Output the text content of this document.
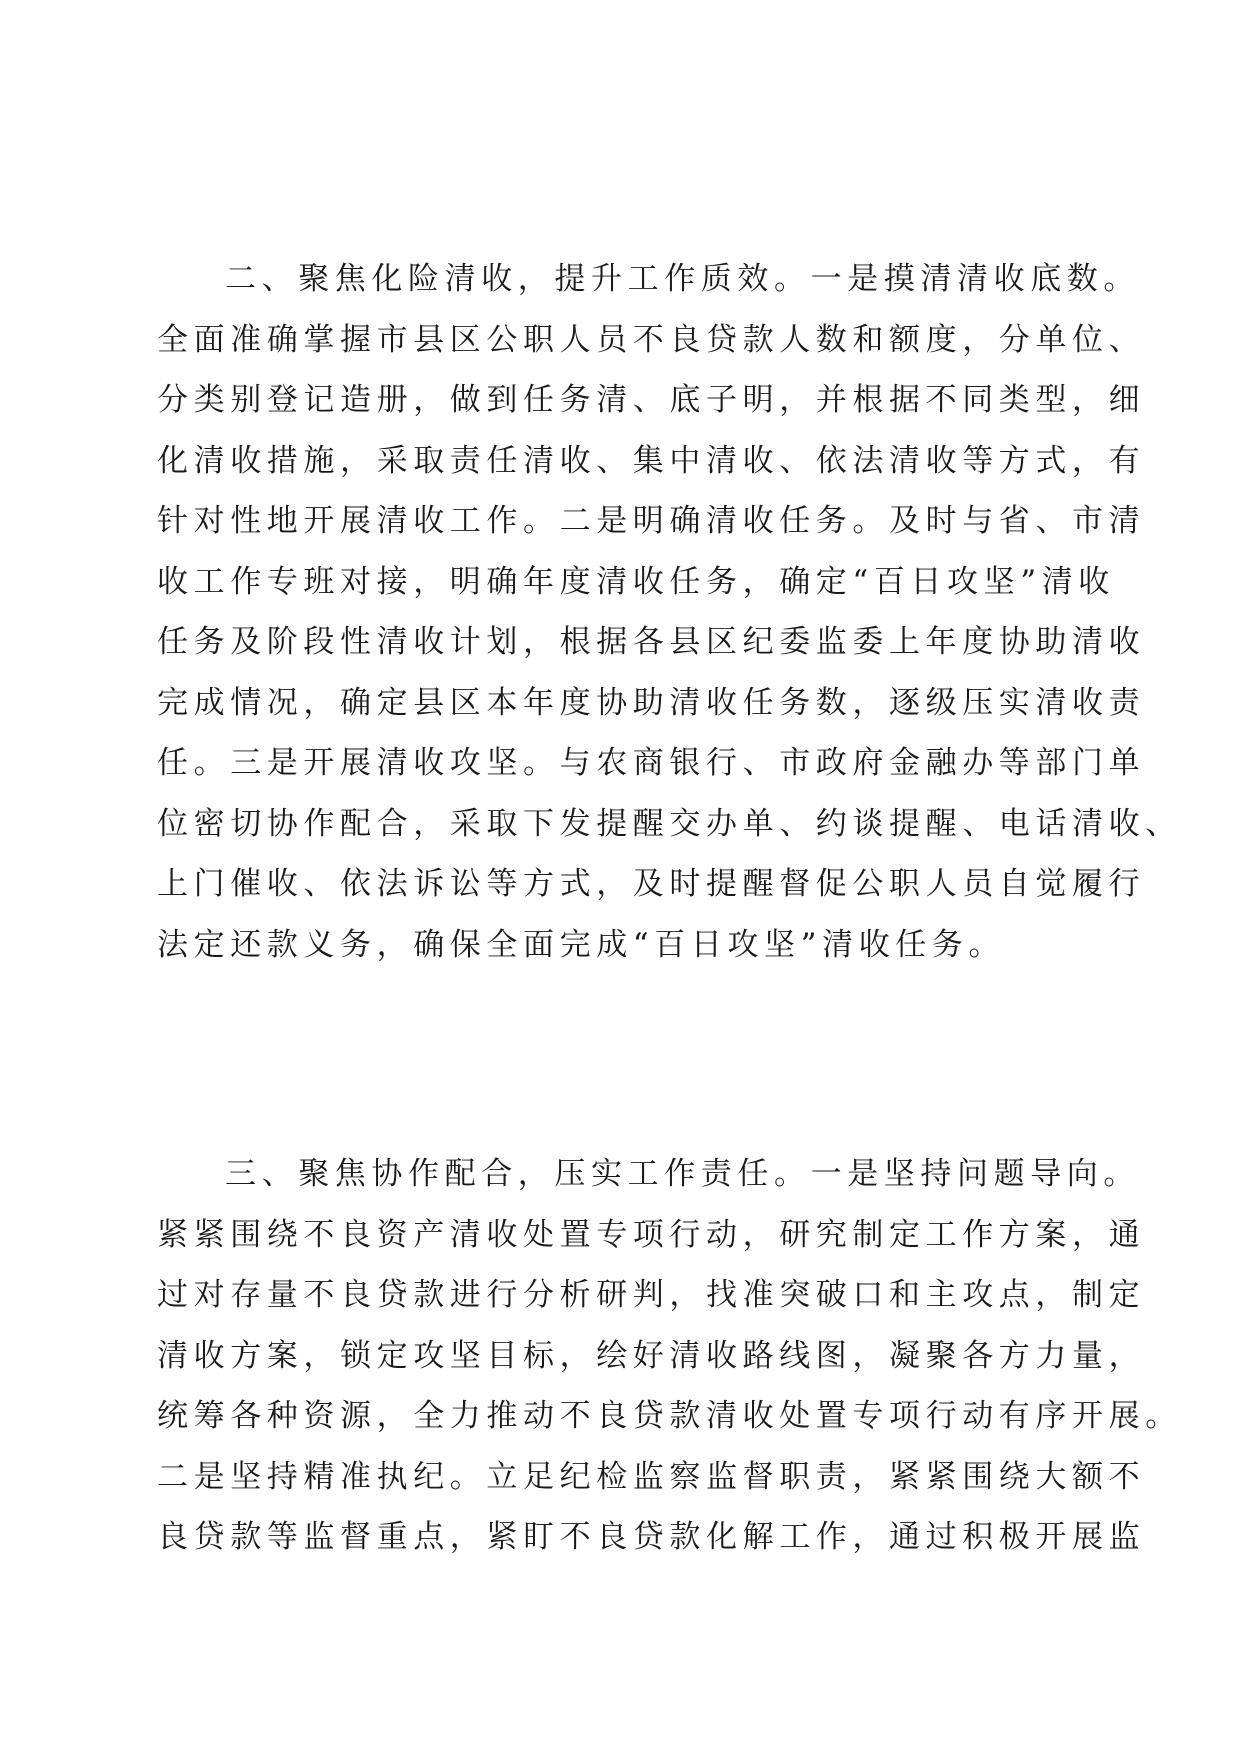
二、聚焦化险清收，提升工作质效。一是摸清清收底数。
全面准确掌握市县区公职人员不良贷款人数和额度，分单位、
分类别登记造册，做到任务清、底子明，并根据不同类型，细
化清收措施，采取责任清收、集中清收、依法清收等方式，有
针对性地开展清收工作。二是明确清收任务。及时与省、市清
收工作专班对接，明确年度清收任务，确定“百日攻坚”清收
任务及阶段性清收计划，根据各县区纪委监委上年度协助清收
完成情况，确定县区本年度协助清收任务数，逐级压实清收责
任。三是开展清收攻坚。与农商银行、市政府金融办等部门单
位密切协作配合，采取下发提醒交办单、约谈提醒、电话清收、
上门催收、依法诉讼等方式，及时提醒督促公职人员自觉履行
法定还款义务，确保全面完成“百日攻坚”清收任务。
三、聚焦协作配合，压实工作责任。一是坚持问题导向。
紧紧围绕不良资产清收处置专项行动，研究制定工作方案，通
过对存量不良贷款进行分析研判，找准突破口和主攻点，制定
清收方案，锁定攻坚目标，绘好清收路线图，凝聚各方力量，
统筹各种资源，全力推动不良贷款清收处置专项行动有序开展。
二是坚持精准执纪。立足纪检监察监督职责，紧紧围绕大额不
良贷款等监督重点，紧盯不良贷款化解工作，通过积极开展监
